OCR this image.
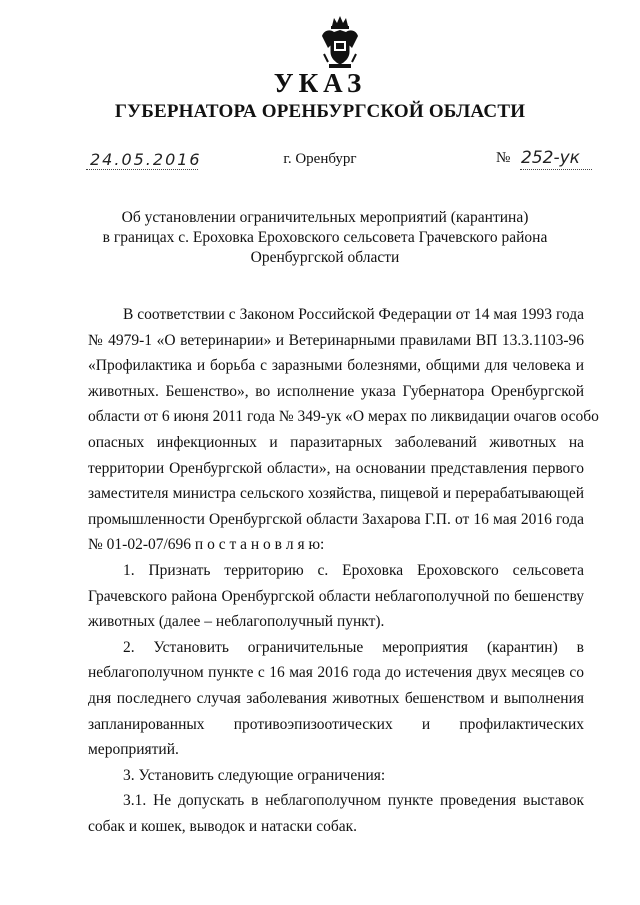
УКАЗ
ГУБЕРНАТОРА ОРЕНБУРГСКОЙ ОБЛАСТИ
24.05.2016	г. Оренбург	№ 252-ук
Об установлении ограничительных мероприятий (карантина)
в границах с. Ероховка Ероховского сельсовета Грачевского района
Оренбургской области
В соответствии с Законом Российской Федерации от 14 мая 1993 года
№ 4979-1 «О ветеринарии» и Ветеринарными правилами ВП 13.3.1103-96
«Профилактика и борьба с заразными болезнями, общими для человека и
животных. Бешенство», во исполнение указа Губернатора Оренбургской
области от 6 июня 2011 года № 349-ук «О мерах по ликвидации очагов особо
опасных инфекционных и паразитарных заболеваний животных на
территории Оренбургской области», на основании представления первого
заместителя министра сельского хозяйства, пищевой и перерабатывающей
промышленности Оренбургской области Захарова Г.П. от 16 мая 2016 года
№ 01-02-07/696 п о с т а н о в л я ю:
1. Признать территорию с. Ероховка Ероховского сельсовета
Грачевского района Оренбургской области неблагополучной по бешенству
животных (далее – неблагополучный пункт).
2. Установить ограничительные мероприятия (карантин) в
неблагополучном пункте с 16 мая 2016 года до истечения двух месяцев со
дня последнего случая заболевания животных бешенством и выполнения
запланированных противоэпизоотических и профилактических
мероприятий.
3. Установить следующие ограничения:
3.1. Не допускать в неблагополучном пункте проведения выставок
собак и кошек, выводок и натаски собак.
